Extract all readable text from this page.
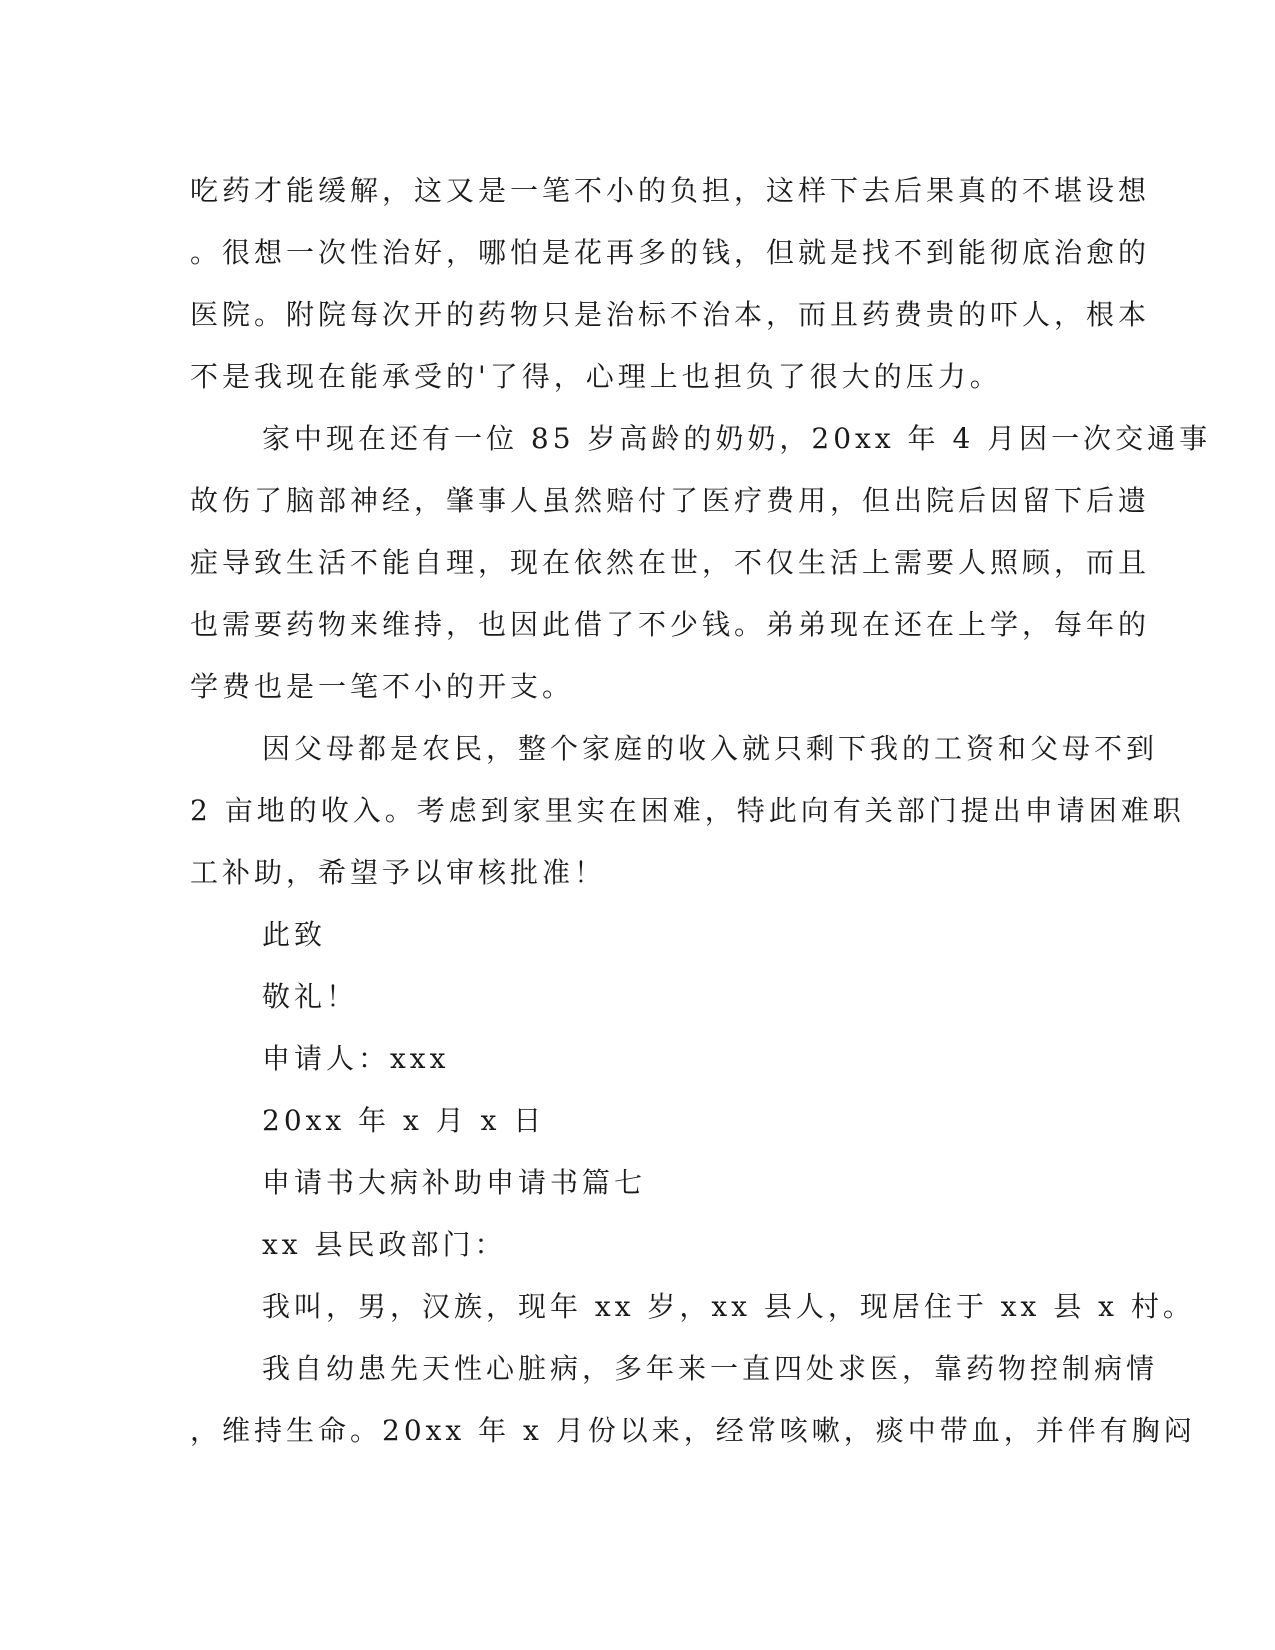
吃药才能缓解，这又是一笔不小的负担，这样下去后果真的不堪设想
。很想一次性治好，哪怕是花再多的钱，但就是找不到能彻底治愈的
医院。附院每次开的药物只是治标不治本，而且药费贵的吓人，根本
不是我现在能承受的'了得，心理上也担负了很大的压力。
家中现在还有一位 85 岁高龄的奶奶，20xx 年 4 月因一次交通事
故伤了脑部神经，肇事人虽然赔付了医疗费用，但出院后因留下后遗
症导致生活不能自理，现在依然在世，不仅生活上需要人照顾，而且
也需要药物来维持，也因此借了不少钱。弟弟现在还在上学，每年的
学费也是一笔不小的开支。
因父母都是农民，整个家庭的收入就只剩下我的工资和父母不到
2 亩地的收入。考虑到家里实在困难，特此向有关部门提出申请困难职
工补助，希望予以审核批准！
此致
敬礼！
申请人：xxx
20xx 年 x 月 x 日
申请书大病补助申请书篇七
xx 县民政部门：
我叫，男，汉族，现年 xx 岁，xx 县人，现居住于 xx 县 x 村。
我自幼患先天性心脏病，多年来一直四处求医，靠药物控制病情
，维持生命。20xx 年 x 月份以来，经常咳嗽，痰中带血，并伴有胸闷
